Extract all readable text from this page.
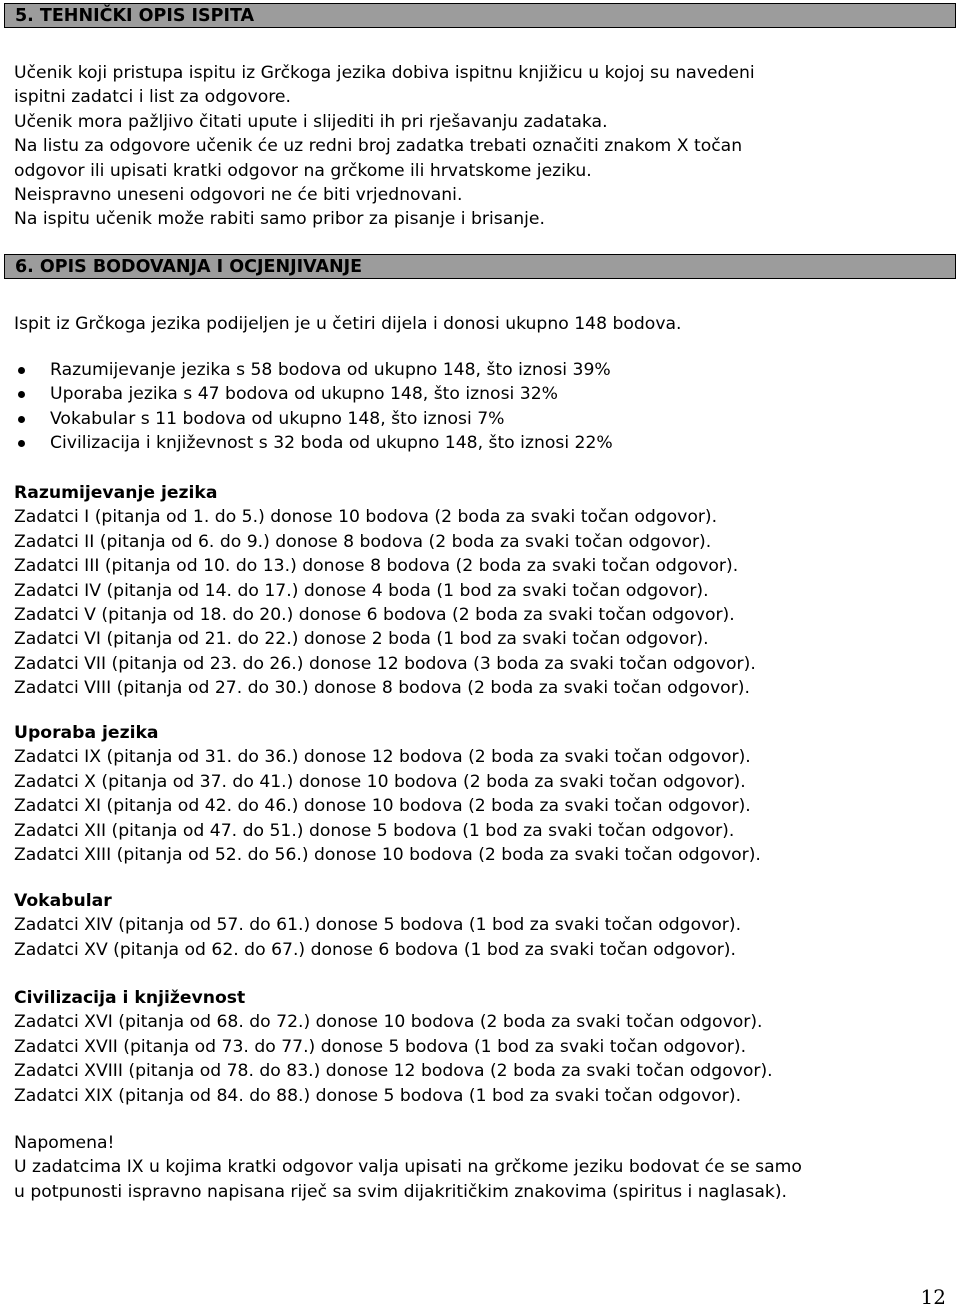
5. TEHNIČKI OPIS ISPITA
Učenik koji pristupa ispitu iz Grčkoga jezika dobiva ispitnu knjižicu u kojoj su navedeni
ispitni zadatci i list za odgovore.
Učenik mora pažljivo čitati upute i slijediti ih pri rješavanju zadataka.
Na listu za odgovore učenik će uz redni broj zadatka trebati označiti znakom X točan
odgovor ili upisati kratki odgovor na grčkome ili hrvatskome jeziku.
Neispravno uneseni odgovori ne će biti vrjednovani.
Na ispitu učenik može rabiti samo pribor za pisanje i brisanje.
6. OPIS BODOVANJA I OCJENJIVANJE
Ispit iz Grčkoga jezika podijeljen je u četiri dijela i donosi ukupno 148 bodova.
Razumijevanje jezika s 58 bodova od ukupno 148, što iznosi 39%
Uporaba jezika s 47 bodova od ukupno 148, što iznosi 32%
Vokabular s 11 bodova od ukupno 148, što iznosi 7%
Civilizacija i književnost s 32 boda od ukupno 148, što iznosi 22%
Razumijevanje jezika
Zadatci I (pitanja od 1. do 5.) donose 10 bodova (2 boda za svaki točan odgovor).
Zadatci II (pitanja od 6. do 9.) donose 8 bodova (2 boda za svaki točan odgovor).
Zadatci III (pitanja od 10. do 13.) donose 8 bodova (2 boda za svaki točan odgovor).
Zadatci IV (pitanja od 14. do 17.) donose 4 boda (1 bod za svaki točan odgovor).
Zadatci V (pitanja od 18. do 20.) donose 6 bodova (2 boda za svaki točan odgovor).
Zadatci VI (pitanja od 21. do 22.) donose 2 boda (1 bod za svaki točan odgovor).
Zadatci VII (pitanja od 23. do 26.) donose 12 bodova (3 boda za svaki točan odgovor).
Zadatci VIII (pitanja od 27. do 30.) donose 8 bodova (2 boda za svaki točan odgovor).
Uporaba jezika
Zadatci IX (pitanja od 31. do 36.) donose 12 bodova (2 boda za svaki točan odgovor).
Zadatci X (pitanja od 37. do 41.) donose 10 bodova (2 boda za svaki točan odgovor).
Zadatci XI (pitanja od 42. do 46.) donose 10 bodova (2 boda za svaki točan odgovor).
Zadatci XII (pitanja od 47. do 51.) donose 5 bodova (1 bod za svaki točan odgovor).
Zadatci XIII (pitanja od 52. do 56.) donose 10 bodova (2 boda za svaki točan odgovor).
Vokabular
Zadatci XIV (pitanja od 57. do 61.) donose 5 bodova (1 bod za svaki točan odgovor).
Zadatci XV (pitanja od 62. do 67.) donose 6 bodova (1 bod za svaki točan odgovor).
Civilizacija i književnost
Zadatci XVI (pitanja od 68. do 72.) donose 10 bodova (2 boda za svaki točan odgovor).
Zadatci XVII (pitanja od 73. do 77.) donose 5 bodova (1 bod za svaki točan odgovor).
Zadatci XVIII (pitanja od 78. do 83.) donose 12 bodova (2 boda za svaki točan odgovor).
Zadatci XIX (pitanja od 84. do 88.) donose 5 bodova (1 bod za svaki točan odgovor).
Napomena!
U zadatcima IX u kojima kratki odgovor valja upisati na grčkome jeziku bodovat će se samo
u potpunosti ispravno napisana riječ sa svim dijakritičkim znakovima (spiritus i naglasak).
12
